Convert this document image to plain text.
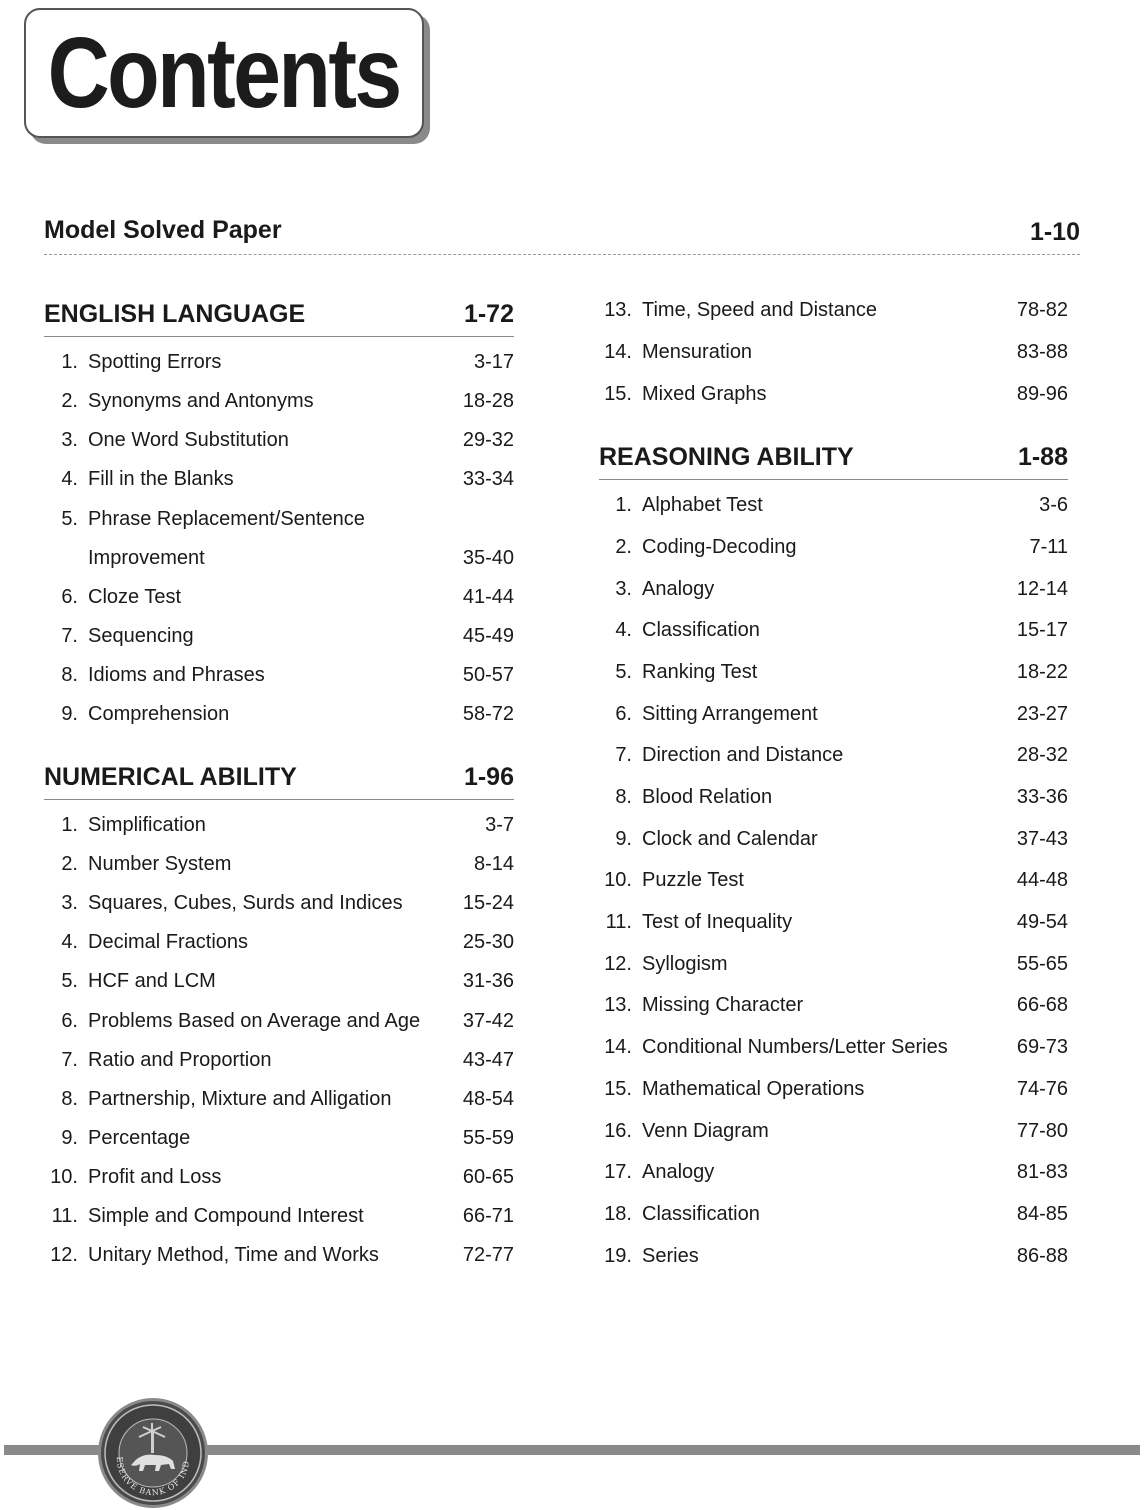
Contents
Model Solved Paper	1-10
ENGLISH LANGUAGE	1-72
1. Spotting Errors	3-17
2. Synonyms and Antonyms	18-28
3. One Word Substitution	29-32
4. Fill in the Blanks	33-34
5. Phrase Replacement/Sentence
Improvement	35-40
6. Cloze Test	41-44
7. Sequencing	45-49
8. Idioms and Phrases	50-57
9. Comprehension	58-72
NUMERICAL ABILITY	1-96
1. Simplification	3-7
2. Number System	8-14
3. Squares, Cubes, Surds and Indices	15-24
4. Decimal Fractions	25-30
5. HCF and LCM	31-36
6. Problems Based on Average and Age 37-42
7. Ratio and Proportion	43-47
8. Partnership, Mixture and Alligation	48-54
9. Percentage	55-59
10. Profit and Loss	60-65
11. Simple and Compound Interest	66-71
12. Unitary Method, Time and Works	72-77
13. Time, Speed and Distance	78-82
14. Mensuration	83-88
15. Mixed Graphs	89-96
REASONING ABILITY	1-88
1. Alphabet Test	3-6
2. Coding-Decoding	7-11
3. Analogy	12-14
4. Classification	15-17
5. Ranking Test	18-22
6. Sitting Arrangement	23-27
7. Direction and Distance	28-32
8. Blood Relation	33-36
9. Clock and Calendar	37-43
10. Puzzle Test	44-48
11. Test of Inequality	49-54
12. Syllogism	55-65
13. Missing Character	66-68
14. Conditional Numbers/Letter Series	69-73
15. Mathematical Operations	74-76
16. Venn Diagram	77-80
17. Analogy	81-83
18. Classification	84-85
19. Series	86-88
ESERVE BANK OF IND
